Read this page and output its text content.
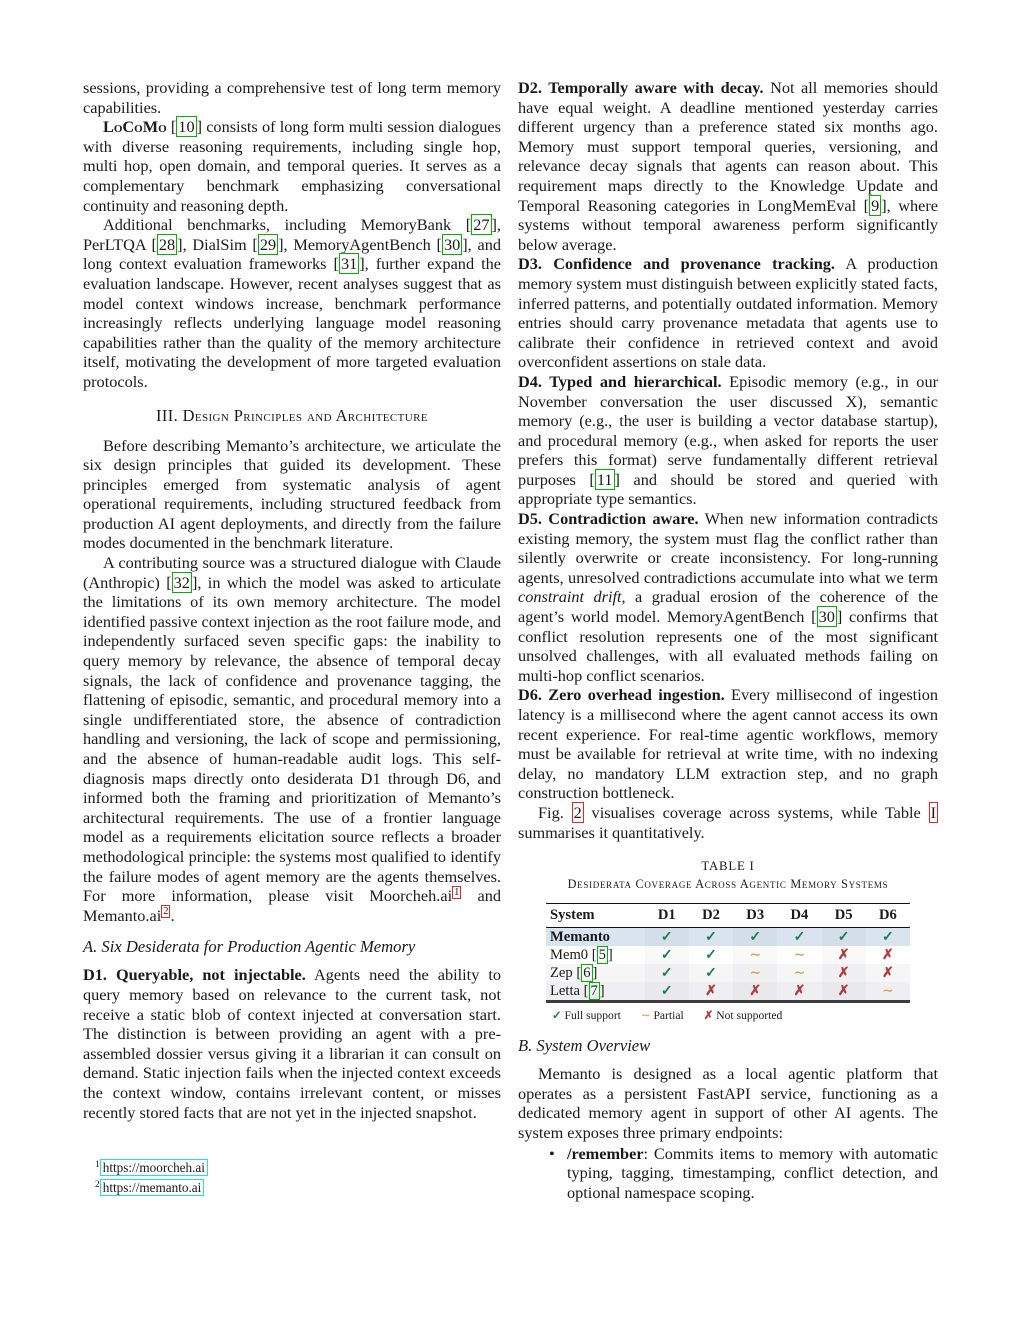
sessions, providing a comprehensive test of long term memory capabilities.

LoCoMo [ 10 ] consists of long form multi session dialogues with diverse reasoning requirements, including single hop, multi hop, open domain, and temporal queries. It serves as a complementary benchmark emphasizing conversational continuity and reasoning depth.

Additional benchmarks, including MemoryBank [ 27 ], PerLTQA [ 28 ], DialSim [ 29 ], MemoryAgentBench [ 30 ], and long context evaluation frameworks [ 31 ], further expand the evaluation landscape. However, recent analyses suggest that as model context windows increase, benchmark performance increasingly reflects underlying language model reasoning capabilities rather than the quality of the memory architecture itself, motivating the development of more targeted evaluation protocols.

III. Design Principles and Architecture

Before describing Memanto’s architecture, we articulate the six design principles that guided its development. These principles emerged from systematic analysis of agent operational requirements, including structured feedback from production AI agent deployments, and directly from the failure modes documented in the benchmark literature.

A contributing source was a structured dialogue with Claude (Anthropic) [ 32 ], in which the model was asked to articulate the limitations of its own memory architecture. The model identified passive context injection as the root failure mode, and independently surfaced seven specific gaps: the inability to query memory by relevance, the absence of temporal decay signals, the lack of confidence and provenance tagging, the flattening of episodic, semantic, and procedural memory into a single undifferentiated store, the absence of contradiction handling and versioning, the lack of scope and permissioning, and the absence of human-readable audit logs. This self-diagnosis maps directly onto desiderata D1 through D6, and informed both the framing and prioritization of Memanto’s architectural requirements. The use of a frontier language model as a requirements elicitation source reflects a broader methodological principle: the systems most qualified to identify the failure modes of agent memory are the agents themselves. For more information, please visit Moorcheh.ai $^1$ and Memanto.ai $^2$ .

A. Six Desiderata for Production Agentic Memory

D1. Queryable, not injectable. Agents need the ability to query memory based on relevance to the current task, not receive a static blob of context injected at conversation start. The distinction is between providing an agent with a pre-assembled dossier versus giving it a librarian it can consult on demand. Static injection fails when the injected context exceeds the context window, contains irrelevant content, or misses recently stored facts that are not yet in the injected snapshot.

$^1$ https://moorcheh.ai
$^2$ https://memanto.ai

D2. Temporally aware with decay. Not all memories should have equal weight. A deadline mentioned yesterday carries different urgency than a preference stated six months ago. Memory must support temporal queries, versioning, and relevance decay signals that agents can reason about. This requirement maps directly to the Knowledge Update and Temporal Reasoning categories in LongMemEval [ 9 ], where systems without temporal awareness perform significantly below average.

D3. Confidence and provenance tracking. A production memory system must distinguish between explicitly stated facts, inferred patterns, and potentially outdated information. Memory entries should carry provenance metadata that agents use to calibrate their confidence in retrieved context and avoid overconfident assertions on stale data.

D4. Typed and hierarchical. Episodic memory (e.g., in our November conversation the user discussed X), semantic memory (e.g., the user is building a vector database startup), and procedural memory (e.g., when asked for reports the user prefers this format) serve fundamentally different retrieval purposes [ 11 ] and should be stored and queried with appropriate type semantics.

D5. Contradiction aware. When new information contradicts existing memory, the system must flag the conflict rather than silently overwrite or create inconsistency. For long-running agents, unresolved contradictions accumulate into what we term constraint drift, a gradual erosion of the coherence of the agent’s world model. MemoryAgentBench [ 30 ] confirms that conflict resolution represents one of the most significant unsolved challenges, with all evaluated methods failing on multi-hop conflict scenarios.

D6. Zero overhead ingestion. Every millisecond of ingestion latency is a millisecond where the agent cannot access its own recent experience. For real-time agentic workflows, memory must be available for retrieval at write time, with no indexing delay, no mandatory LLM extraction step, and no graph construction bottleneck.

Fig. 2 visualises coverage across systems, while Table I summarises it quantitatively.

TABLE I
Desiderata Coverage Across Agentic Memory Systems
System	D1	D2	D3	D4	D5	D6
Memanto	✓	✓	✓	✓	✓	✓
Mem0 [ 5 ]	✓	✓	∼	∼	✗	✗
Zep [ 6 ]	✓	✓	∼	∼	✗	✗
Letta [ 7 ]	✓	✗	✗	✗	✗	∼
✓ Full support ∼ Partial ✗ Not supported
B. System Overview

Memanto is designed as a local agentic platform that operates as a persistent FastAPI service, functioning as a dedicated memory agent in support of other AI agents. The system exposes three primary endpoints:

• /remember: Commits items to memory with automatic typing, tagging, timestamping, conflict detection, and optional namespace scoping.
